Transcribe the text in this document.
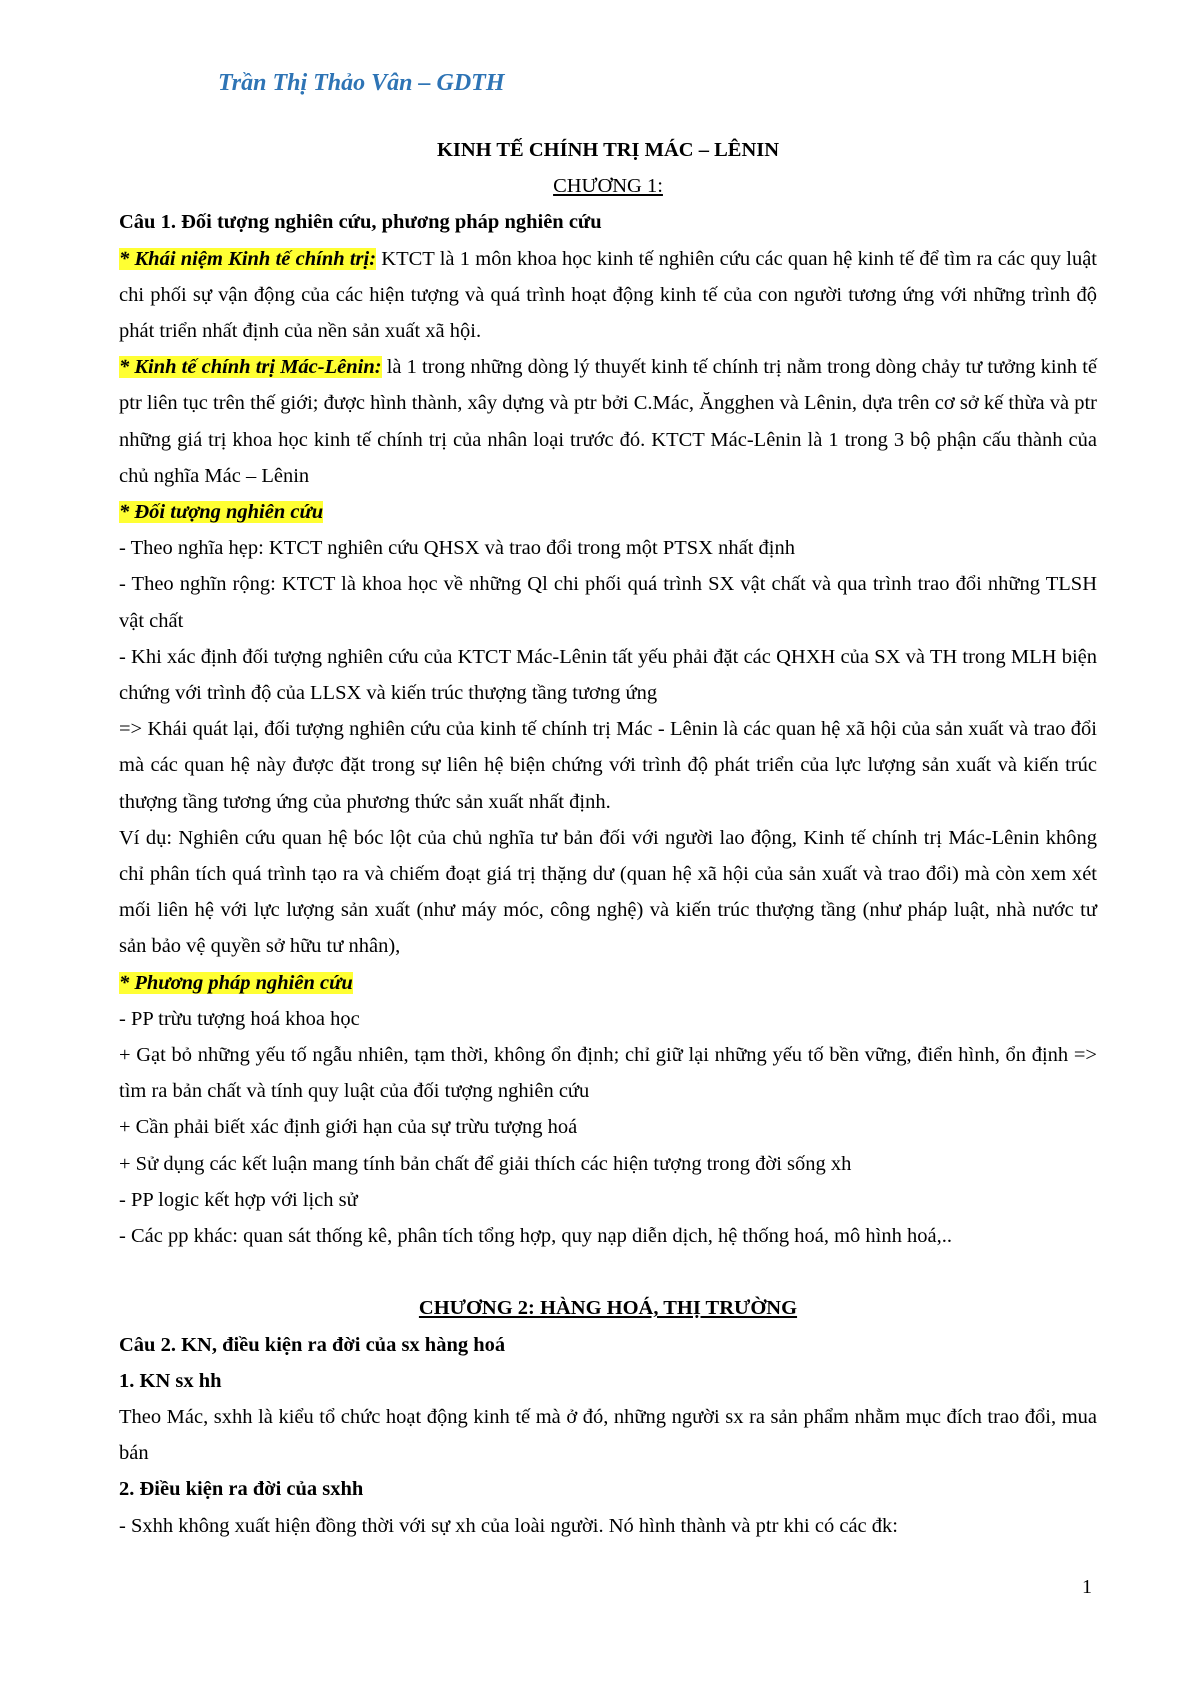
Trần Thị Thảo Vân – GDTH

KINH TẾ CHÍNH TRỊ MÁC – LÊNIN

CHƯƠNG 1:

Câu 1. Đối tượng nghiên cứu, phương pháp nghiên cứu

* Khái niệm Kinh tế chính trị: KTCT là 1 môn khoa học kinh tế nghiên cứu các quan hệ kinh tế để tìm ra các quy luật chi phối sự vận động của các hiện tượng và quá trình hoạt động kinh tế của con người tương ứng với những trình độ phát triển nhất định của nền sản xuất xã hội.

* Kinh tế chính trị Mác-Lênin: là 1 trong những dòng lý thuyết kinh tế chính trị nằm trong dòng chảy tư tưởng kinh tế ptr liên tục trên thế giới; được hình thành, xây dựng và ptr bởi C.Mác, Ăngghen và Lênin, dựa trên cơ sở kế thừa và ptr những giá trị khoa học kinh tế chính trị của nhân loại trước đó. KTCT Mác-Lênin là 1 trong 3 bộ phận cấu thành của chủ nghĩa Mác – Lênin

* Đối tượng nghiên cứu

- Theo nghĩa hẹp: KTCT nghiên cứu QHSX và trao đổi trong một PTSX nhất định

- Theo nghĩn rộng: KTCT là khoa học về những Ql chi phối quá trình SX vật chất và qua trình trao đổi những TLSH vật chất

- Khi xác định đối tượng nghiên cứu của KTCT Mác-Lênin tất yếu phải đặt các QHXH của SX và TH trong MLH biện chứng với trình độ của LLSX và kiến trúc thượng tầng tương ứng

=> Khái quát lại, đối tượng nghiên cứu của kinh tế chính trị Mác - Lênin là các quan hệ xã hội của sản xuất và trao đổi mà các quan hệ này được đặt trong sự liên hệ biện chứng với trình độ phát triển của lực lượng sản xuất và kiến trúc thượng tầng tương ứng của phương thức sản xuất nhất định.

Ví dụ: Nghiên cứu quan hệ bóc lột của chủ nghĩa tư bản đối với người lao động, Kinh tế chính trị Mác-Lênin không chỉ phân tích quá trình tạo ra và chiếm đoạt giá trị thặng dư (quan hệ xã hội của sản xuất và trao đổi) mà còn xem xét mối liên hệ với lực lượng sản xuất (như máy móc, công nghệ) và kiến trúc thượng tầng (như pháp luật, nhà nước tư sản bảo vệ quyền sở hữu tư nhân),

* Phương pháp nghiên cứu

- PP trừu tượng hoá khoa học

+ Gạt bỏ những yếu tố ngẫu nhiên, tạm thời, không ổn định; chỉ giữ lại những yếu tố bền vững, điển hình, ổn định => tìm ra bản chất và tính quy luật của đối tượng nghiên cứu

+ Cần phải biết xác định giới hạn của sự trừu tượng hoá

+ Sử dụng các kết luận mang tính bản chất để giải thích các hiện tượng trong đời sống xh

- PP logic kết hợp với lịch sử

- Các pp khác: quan sát thống kê, phân tích tổng hợp, quy nạp diễn dịch, hệ thống hoá, mô hình hoá,..

CHƯƠNG 2: HÀNG HOÁ, THỊ TRƯỜNG

Câu 2. KN, điều kiện ra đời của sx hàng hoá

1. KN sx hh

Theo Mác, sxhh là kiểu tổ chức hoạt động kinh tế mà ở đó, những người sx ra sản phẩm nhằm mục đích trao đổi, mua bán

2. Điều kiện ra đời của sxhh

- Sxhh không xuất hiện đồng thời với sự xh của loài người. Nó hình thành và ptr khi có các đk:

1
